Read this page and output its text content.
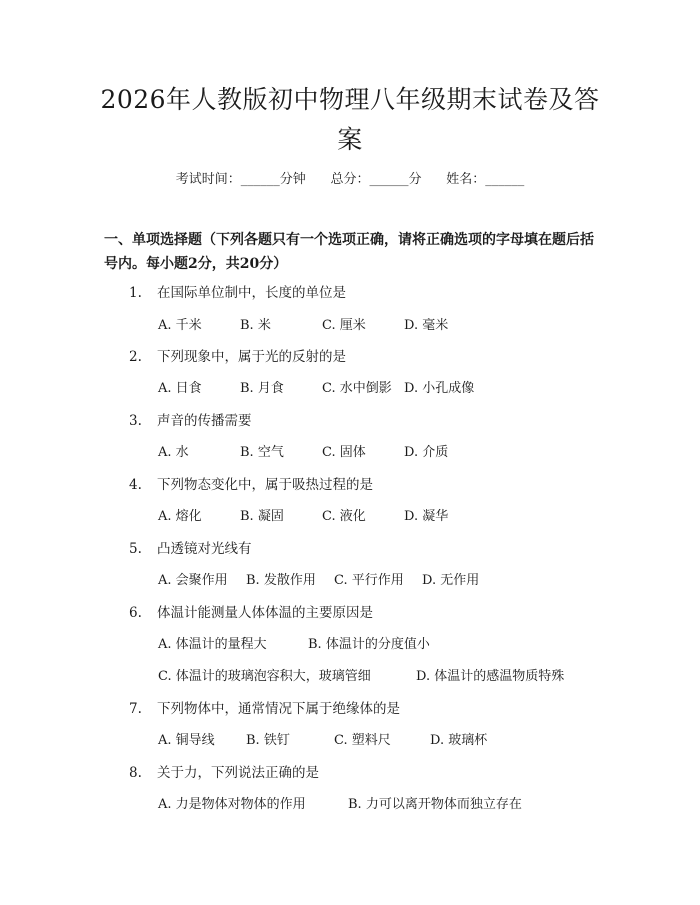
2026年人教版初中物理八年级期末试卷及答
案
考试时间：______分钟      总分：______分      姓名：______
一、单项选择题（下列各题只有一个选项正确，请将正确选项的字母填在题后括
号内。每小题2分，共20分）
1. 在国际单位制中，长度的单位是
A. 千米	B. 米	C. 厘米	D. 毫米
2. 下列现象中，属于光的反射的是
A. 日食	B. 月食	C. 水中倒影 D. 小孔成像
3. 声音的传播需要
A. 水	B. 空气	C. 固体	D. 介质
4. 下列物态变化中，属于吸热过程的是
A. 熔化	B. 凝固	C. 液化	D. 凝华
5. 凸透镜对光线有
A. 会聚作用 B. 发散作用 C. 平行作用 D. 无作用
6. 体温计能测量人体体温的主要原因是
A. 体温计的量程大	B. 体温计的分度值小
C. 体温计的玻璃泡容积大，玻璃管细	D. 体温计的感温物质特殊
7. 下列物体中，通常情况下属于绝缘体的是
A. 铜导线 B. 铁钉	C. 塑料尺	D. 玻璃杯
8. 关于力，下列说法正确的是
A. 力是物体对物体的作用	B. 力可以离开物体而独立存在
